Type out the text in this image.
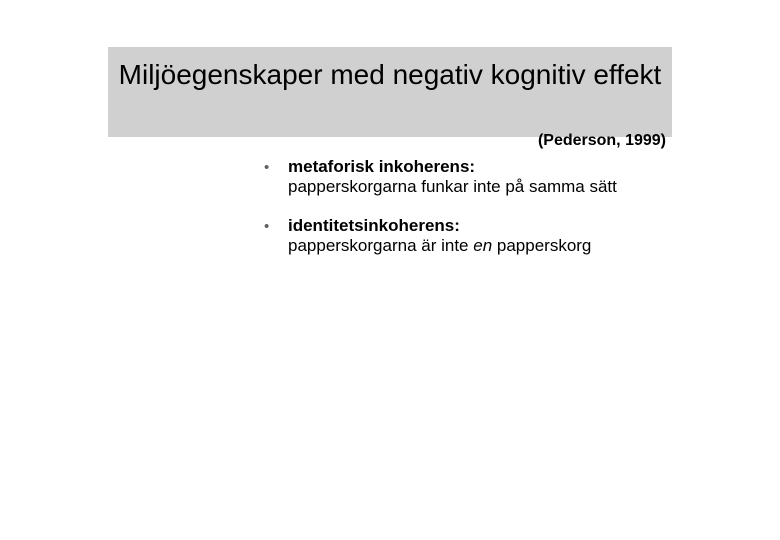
Miljöegenskaper med negativ kognitiv effekt
(Pederson, 1999)
• metaforisk inkoherens:
papperskorgarna funkar inte på samma sätt
• identitetsinkoherens:
papperskorgarna är inte en papperskorg
